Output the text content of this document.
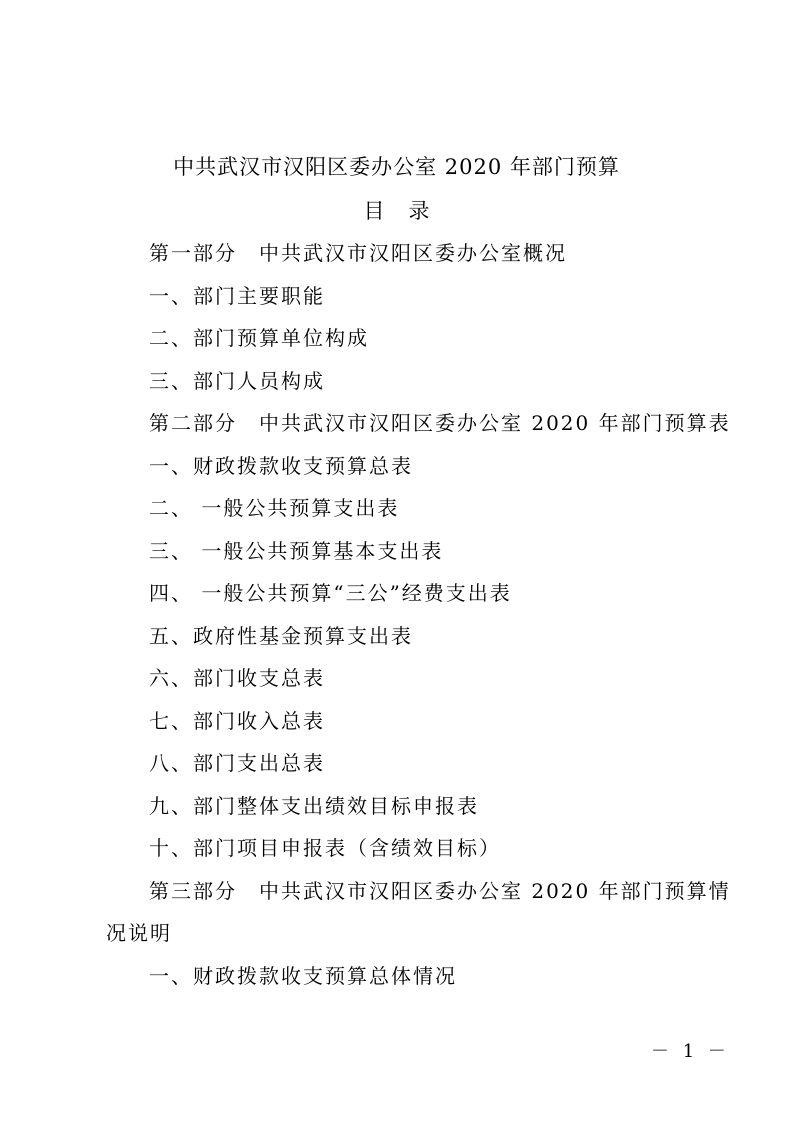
中共武汉市汉阳区委办公室 2020 年部门预算
目 录
第一部分 中共武汉市汉阳区委办公室概况
一、部门主要职能
二、部门预算单位构成
三、部门人员构成
第二部分 中共武汉市汉阳区委办公室 2020 年部门预算表
一、财政拨款收支预算总表
二、 一般公共预算支出表
三、 一般公共预算基本支出表
四、 一般公共预算“三公”经费支出表
五、政府性基金预算支出表
六、部门收支总表
七、部门收入总表
八、部门支出总表
九、部门整体支出绩效目标申报表
十、部门项目申报表（含绩效目标）
第三部分 中共武汉市汉阳区委办公室 2020 年部门预算情
况说明
一、财政拨款收支预算总体情况
－ 1 －
